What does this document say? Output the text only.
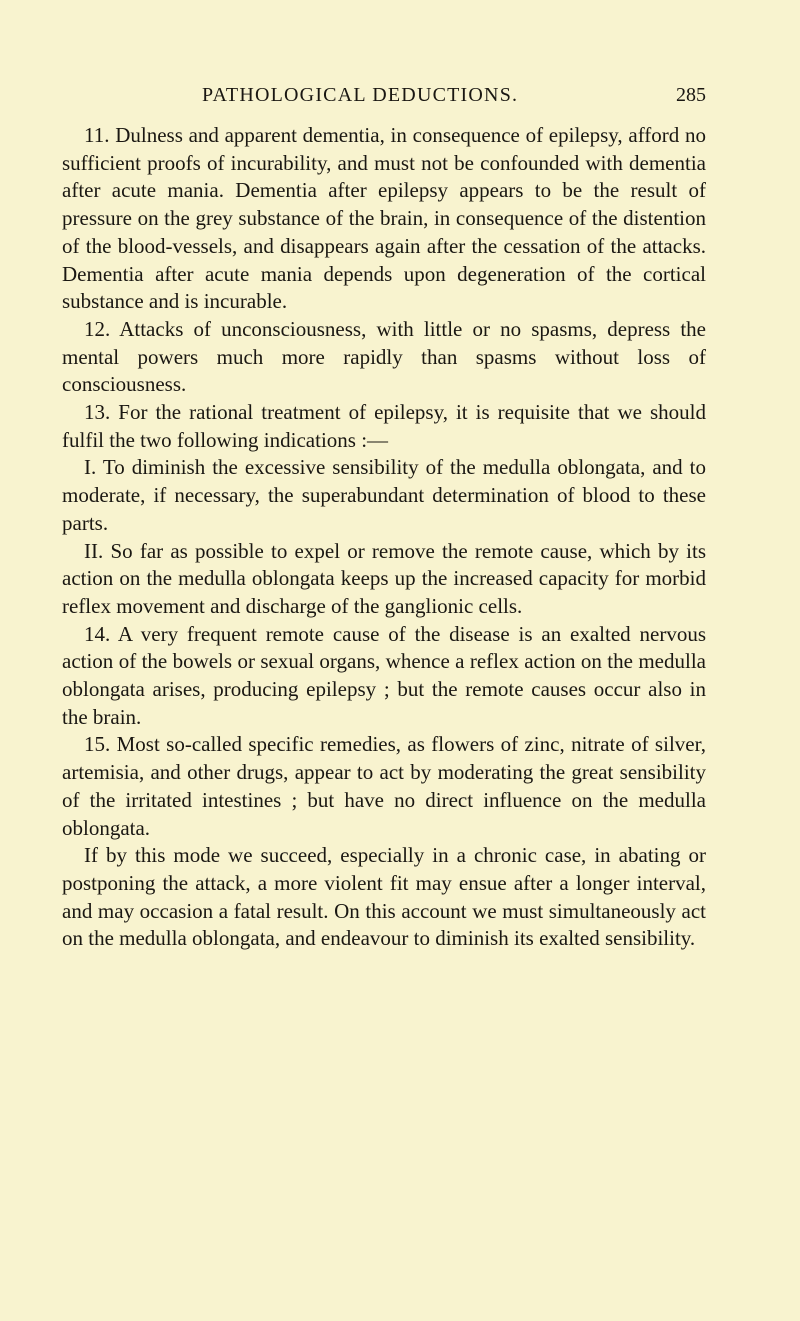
PATHOLOGICAL DEDUCTIONS.	285

11. Dulness and apparent dementia, in consequence of epilepsy, afford no sufficient proofs of incurability, and must not be confounded with dementia after acute mania. Dementia after epilepsy appears to be the result of pressure on the grey substance of the brain, in consequence of the distention of the blood-vessels, and disappears again after the cessation of the attacks. Dementia after acute mania depends upon degeneration of the cortical substance and is incurable.

12. Attacks of unconsciousness, with little or no spasms, depress the mental powers much more rapidly than spasms without loss of consciousness.

13. For the rational treatment of epilepsy, it is requisite that we should fulfil the two following indications :—

I. To diminish the excessive sensibility of the medulla oblongata, and to moderate, if necessary, the superabundant determination of blood to these parts.

II. So far as possible to expel or remove the remote cause, which by its action on the medulla oblongata keeps up the increased capacity for morbid reflex movement and discharge of the ganglionic cells.

14. A very frequent remote cause of the disease is an exalted nervous action of the bowels or sexual organs, whence a reflex action on the medulla oblongata arises, producing epilepsy ; but the remote causes occur also in the brain.

15. Most so-called specific remedies, as flowers of zinc, nitrate of silver, artemisia, and other drugs, appear to act by moderating the great sensibility of the irritated intestines ; but have no direct influence on the medulla oblongata.

If by this mode we succeed, especially in a chronic case, in abating or postponing the attack, a more violent fit may ensue after a longer interval, and may occasion a fatal result. On this account we must simultaneously act on the medulla oblongata, and endeavour to diminish its exalted sensibility.
